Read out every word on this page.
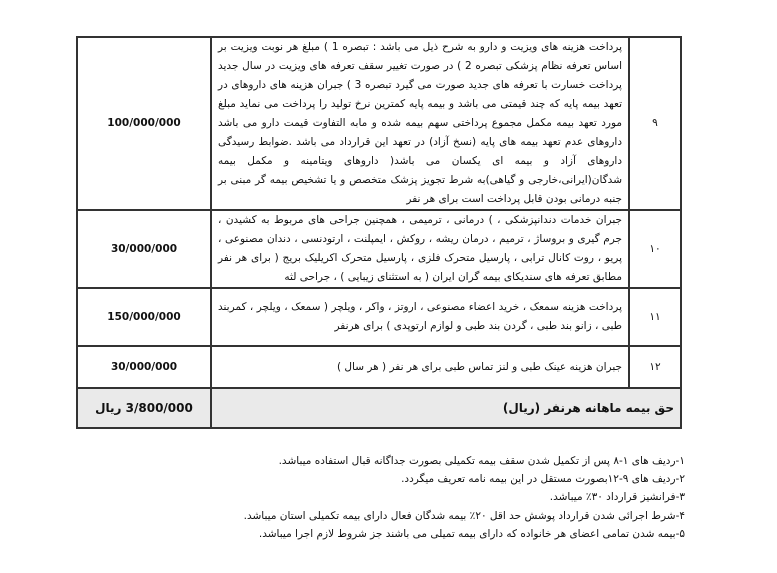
۹	پرداخت هزینه های ویزیت و دارو به شرح ذیل می باشد : تبصره 1 ) مبلغ هر نوبت ویزیت بر اساس تعرفه نظام پزشکی تبصره 2 ) در صورت تغییر سقف تعرفه های ویزیت در سال جدید پرداخت خسارت با تعرفه های جدید صورت می گیرد تبصره 3 ) جبران هزینه های داروهای در تعهد بیمه پایه که چند قیمتی می باشد و بیمه پایه کمترین نرخ تولید را پرداخت می نماید مبلغ مورد تعهد بیمه مکمل مجموع پرداختی سهم بیمه شده و مابه التفاوت قیمت دارو می باشد داروهای عدم تعهد بیمه های پایه (نسخ آزاد) در تعهد این قرارداد می باشد .ضوابط رسیدگی داروهای آزاد و بیمه ای یکسان می باشد( داروهای ویتامینه و مکمل بیمه شدگان(ایرانی،خارجی و گیاهی)به شرط تجویز پزشک متخصص و یا تشخیص بیمه گر مبنی بر جنبه درمانی بودن قابل پرداخت است برای هر نفر	100/000/000
۱۰	جبران خدمات دندانپزشکی ، ) درمانی ، ترمیمی ، همچنین جراحی های مربوط به کشیدن ، جرم گیری و بروساژ ، ترمیم ، درمان ریشه ، روکش ، ایمپلنت ، ارتودنسی ، دندان مصنوعی ، پریو ، روت کانال ترابی ، پارسیل متحرک فلزی ، پارسیل متحرک اکریلیک بریج ( برای هر نفر مطابق تعرفه های سندیکای بیمه گران ایران ( به استثنای زیبایی ) ، جراحی لثه	30/000/000
۱۱	پرداخت هزینه سمعک ، خرید اعضاء مصنوعی ، اروتز ، واکر ، ویلچر ( سمعک ، ویلچر ، کمربند طبی ، زانو بند طبی ، گردن بند طبی و لوازم ارتوپدی ) برای هرنفر	150/000/000
۱۲	جبران هزینه عینک طبی و لنز تماس طبی برای هر نفر ( هر سال )	30/000/000
حق بیمه ماهانه هرنفر (ریال)		3/800/000 ریال
۱-ردیف های ۱-۸ پس از تکمیل شدن سقف بیمه تکمیلی بصورت جداگانه قبال استفاده میباشد.
۲-ردیف های ۹-۱۲بصورت مستقل در این بیمه نامه تعریف میگردد.
۳-فرانشیز قرارداد ۳۰٪ میباشد.
۴-شرط اجرائی شدن قرارداد پوشش حد اقل ۲۰٪ بیمه شدگان فعال دارای بیمه تکمیلی استان میباشد.
۵-بیمه شدن تمامی اعضای هر خانواده که دارای بیمه تمیلی می باشند جز شروط لازم اجرا میباشد.
